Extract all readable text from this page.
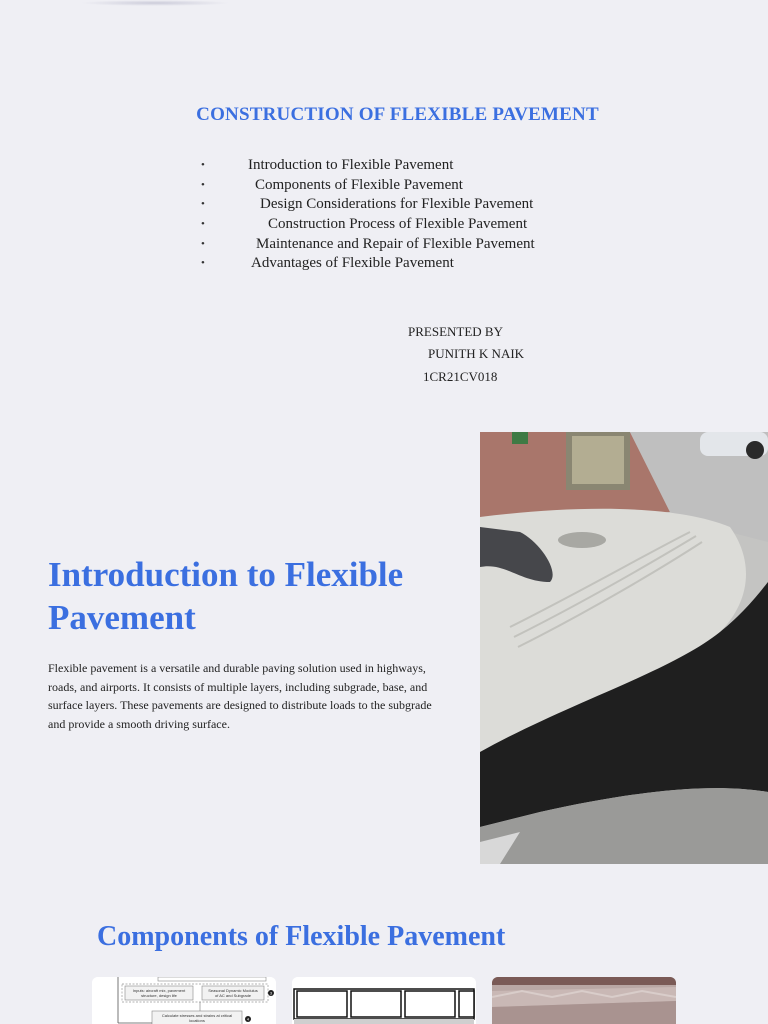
CONSTRUCTION OF FLEXIBLE PAVEMENT
•	Introduction to Flexible Pavement
•	Components of Flexible Pavement
•	Design Considerations for Flexible Pavement
•	Construction Process of Flexible Pavement
•	Maintenance and Repair of Flexible Pavement
•	Advantages of Flexible Pavement
PRESENTED BY
PUNITH K NAIK
1CR21CV018
Introduction to Flexible Pavement
Flexible pavement is a versatile and durable paving solution used in highways, roads, and airports. It consists of multiple layers, including subgrade, base, and surface layers. These pavements are designed to distribute loads to the subgrade and provide a smooth driving surface.
Components of Flexible Pavement
Inputs: aircraft mix, pavement
structure, design life
Seasonal Dynamic Modulus
of AC and Subgrade	3
Calculate stresses and strains at critical
locations	4
